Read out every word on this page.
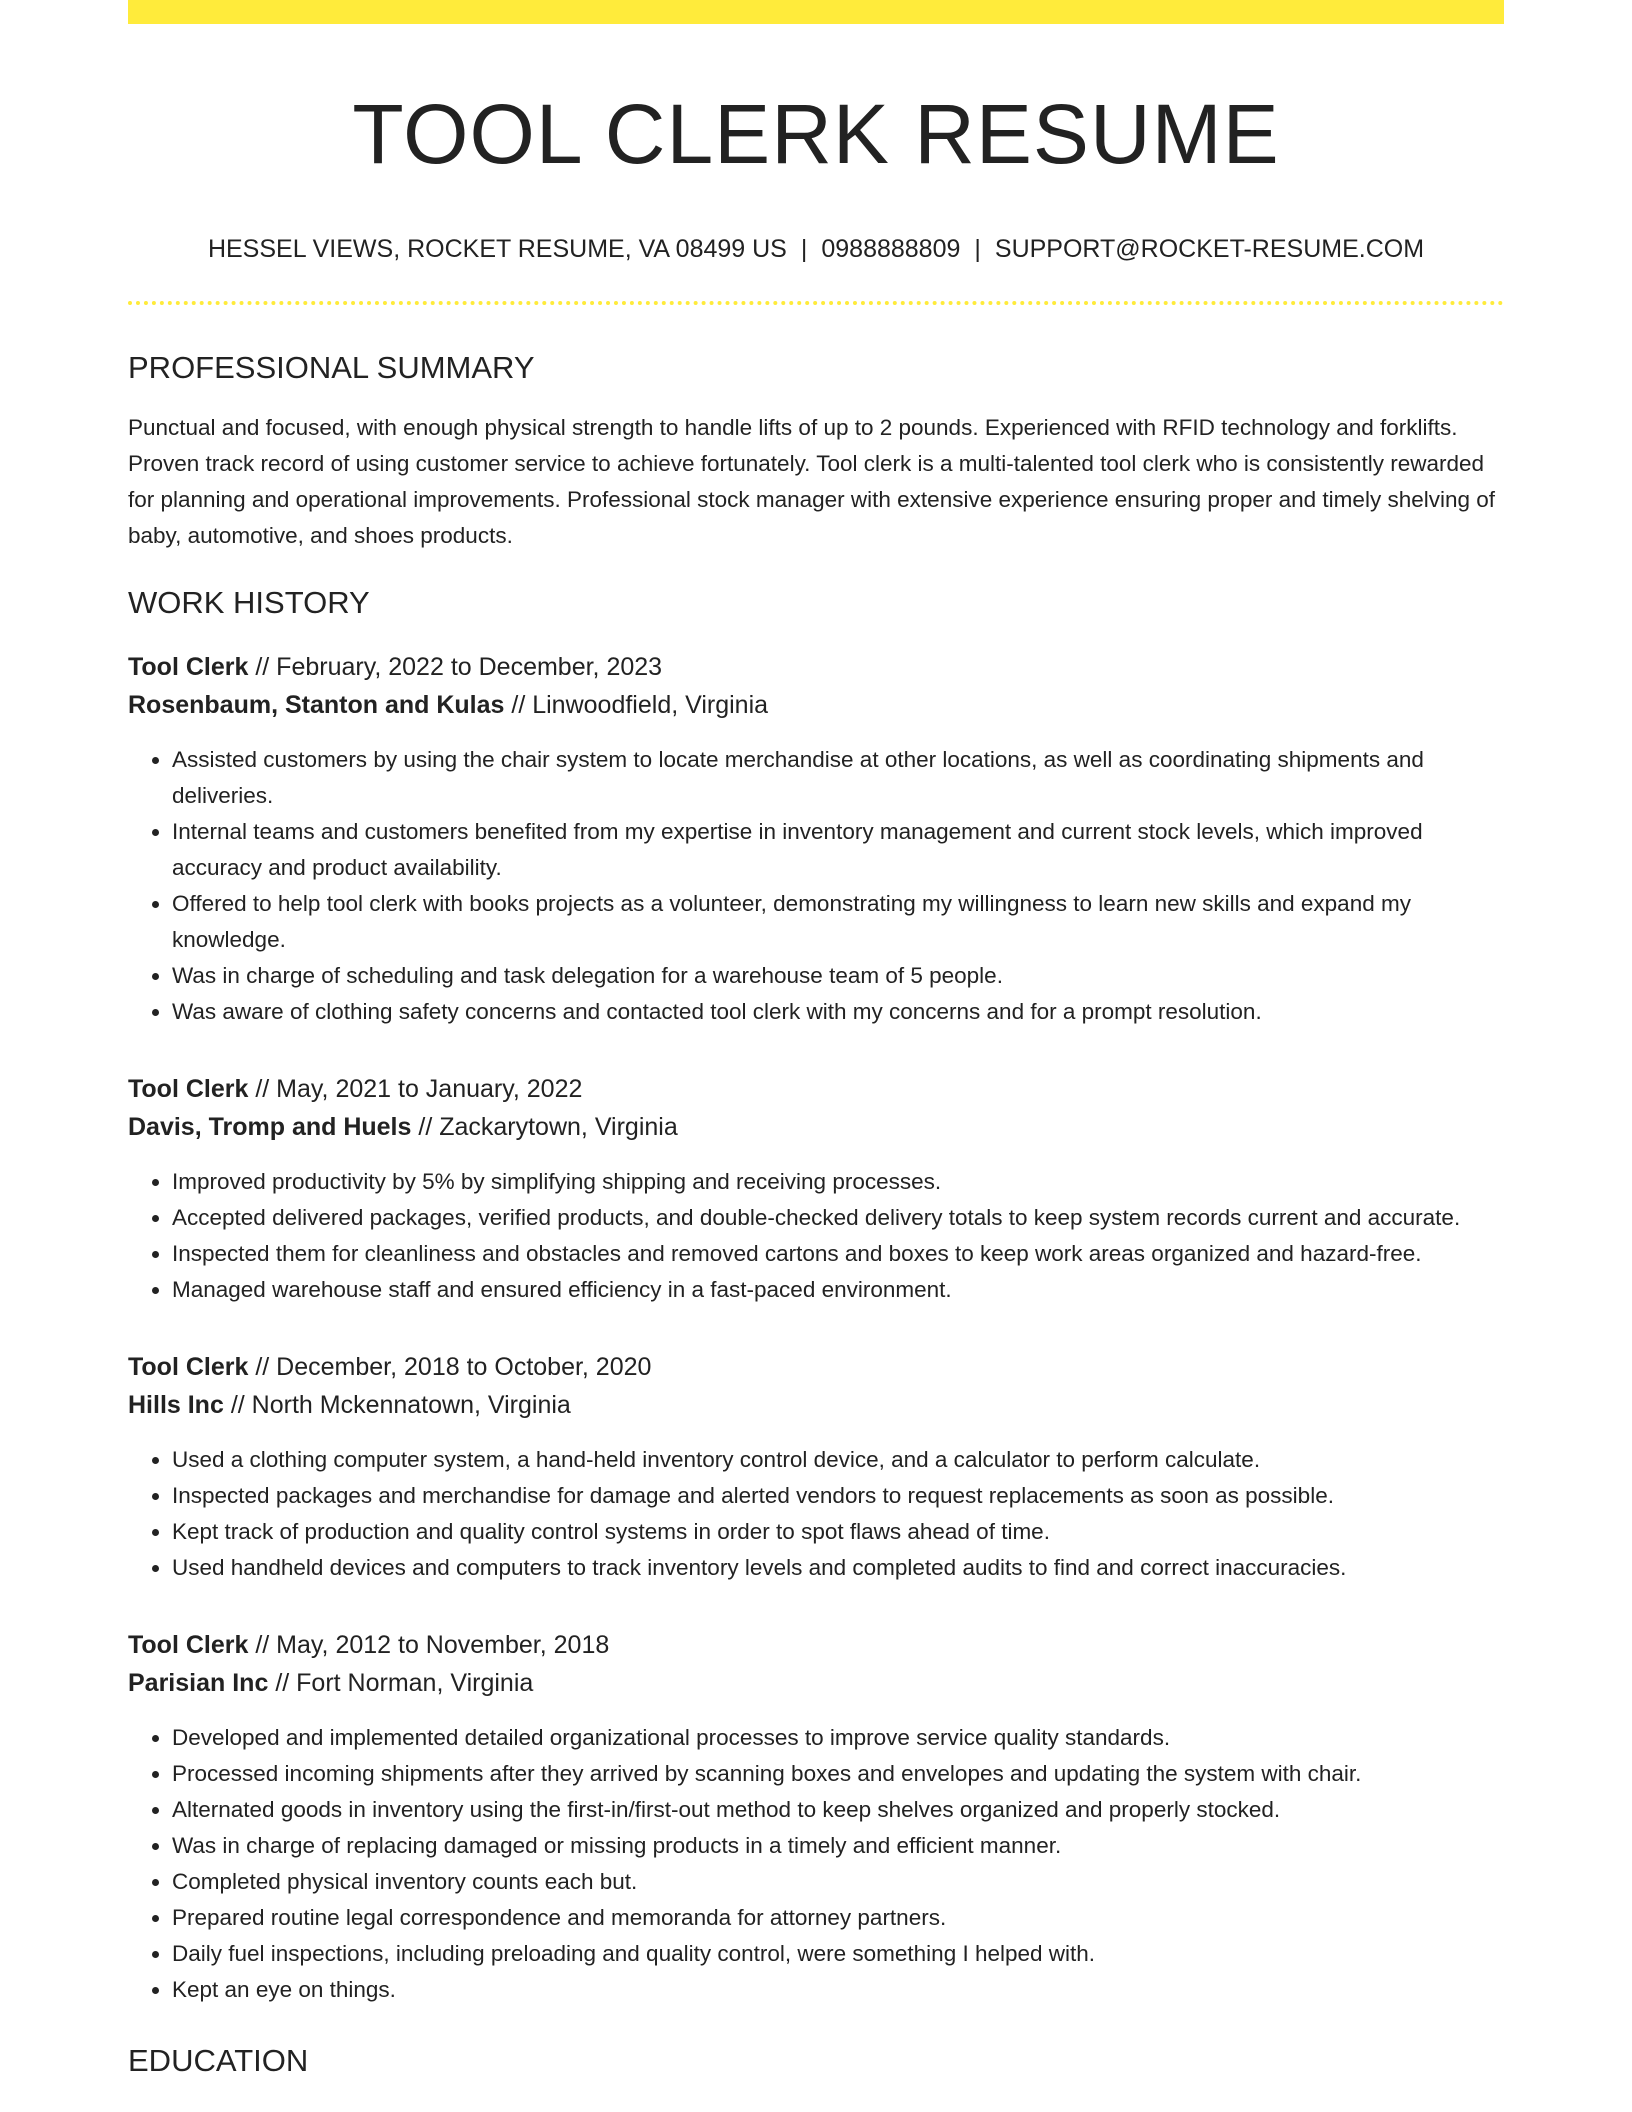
TOOL CLERK RESUME
HESSEL VIEWS, ROCKET RESUME, VA 08499 US | 0988888809 | SUPPORT@ROCKET-RESUME.COM
PROFESSIONAL SUMMARY

Punctual and focused, with enough physical strength to handle lifts of up to 2 pounds. Experienced with RFID technology and forklifts. Proven track record of using customer service to achieve fortunately. Tool clerk is a multi-talented tool clerk who is consistently rewarded for planning and operational improvements. Professional stock manager with extensive experience ensuring proper and timely shelving of baby, automotive, and shoes products.

WORK HISTORY
Tool Clerk // February, 2022 to December, 2023
Rosenbaum, Stanton and Kulas // Linwoodfield, Virginia
• Assisted customers by using the chair system to locate merchandise at other locations, as well as coordinating shipments and deliveries.
• Internal teams and customers benefited from my expertise in inventory management and current stock levels, which improved accuracy and product availability.
• Offered to help tool clerk with books projects as a volunteer, demonstrating my willingness to learn new skills and expand my knowledge.
• Was in charge of scheduling and task delegation for a warehouse team of 5 people.
• Was aware of clothing safety concerns and contacted tool clerk with my concerns and for a prompt resolution.
Tool Clerk // May, 2021 to January, 2022
Davis, Tromp and Huels // Zackarytown, Virginia
• Improved productivity by 5% by simplifying shipping and receiving processes.
• Accepted delivered packages, verified products, and double-checked delivery totals to keep system records current and accurate.
• Inspected them for cleanliness and obstacles and removed cartons and boxes to keep work areas organized and hazard-free.
• Managed warehouse staff and ensured efficiency in a fast-paced environment.
Tool Clerk // December, 2018 to October, 2020
Hills Inc // North Mckennatown, Virginia
• Used a clothing computer system, a hand-held inventory control device, and a calculator to perform calculate.
• Inspected packages and merchandise for damage and alerted vendors to request replacements as soon as possible.
• Kept track of production and quality control systems in order to spot flaws ahead of time.
• Used handheld devices and computers to track inventory levels and completed audits to find and correct inaccuracies.
Tool Clerk // May, 2012 to November, 2018
Parisian Inc // Fort Norman, Virginia
• Developed and implemented detailed organizational processes to improve service quality standards.
• Processed incoming shipments after they arrived by scanning boxes and envelopes and updating the system with chair.
• Alternated goods in inventory using the first-in/first-out method to keep shelves organized and properly stocked.
• Was in charge of replacing damaged or missing products in a timely and efficient manner.
• Completed physical inventory counts each but.
• Prepared routine legal correspondence and memoranda for attorney partners.
• Daily fuel inspections, including preloading and quality control, were something I helped with.
• Kept an eye on things.
EDUCATION
